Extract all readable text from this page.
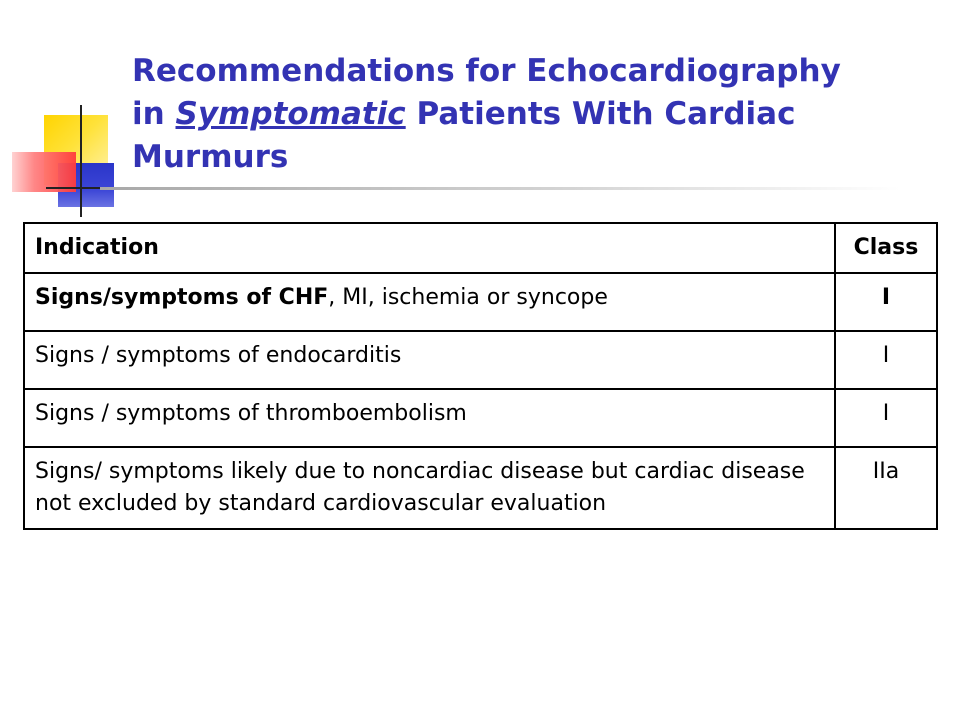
Recommendations for Echocardiography
in Symptomatic Patients With Cardiac
Murmurs
Indication	Class
Signs/symptoms of CHF, MI, ischemia or syncope	I
Signs / symptoms of endocarditis	I
Signs / symptoms of thromboembolism	I
Signs/ symptoms likely due to noncardiac disease but cardiac disease not excluded by standard cardiovascular evaluation	IIa
